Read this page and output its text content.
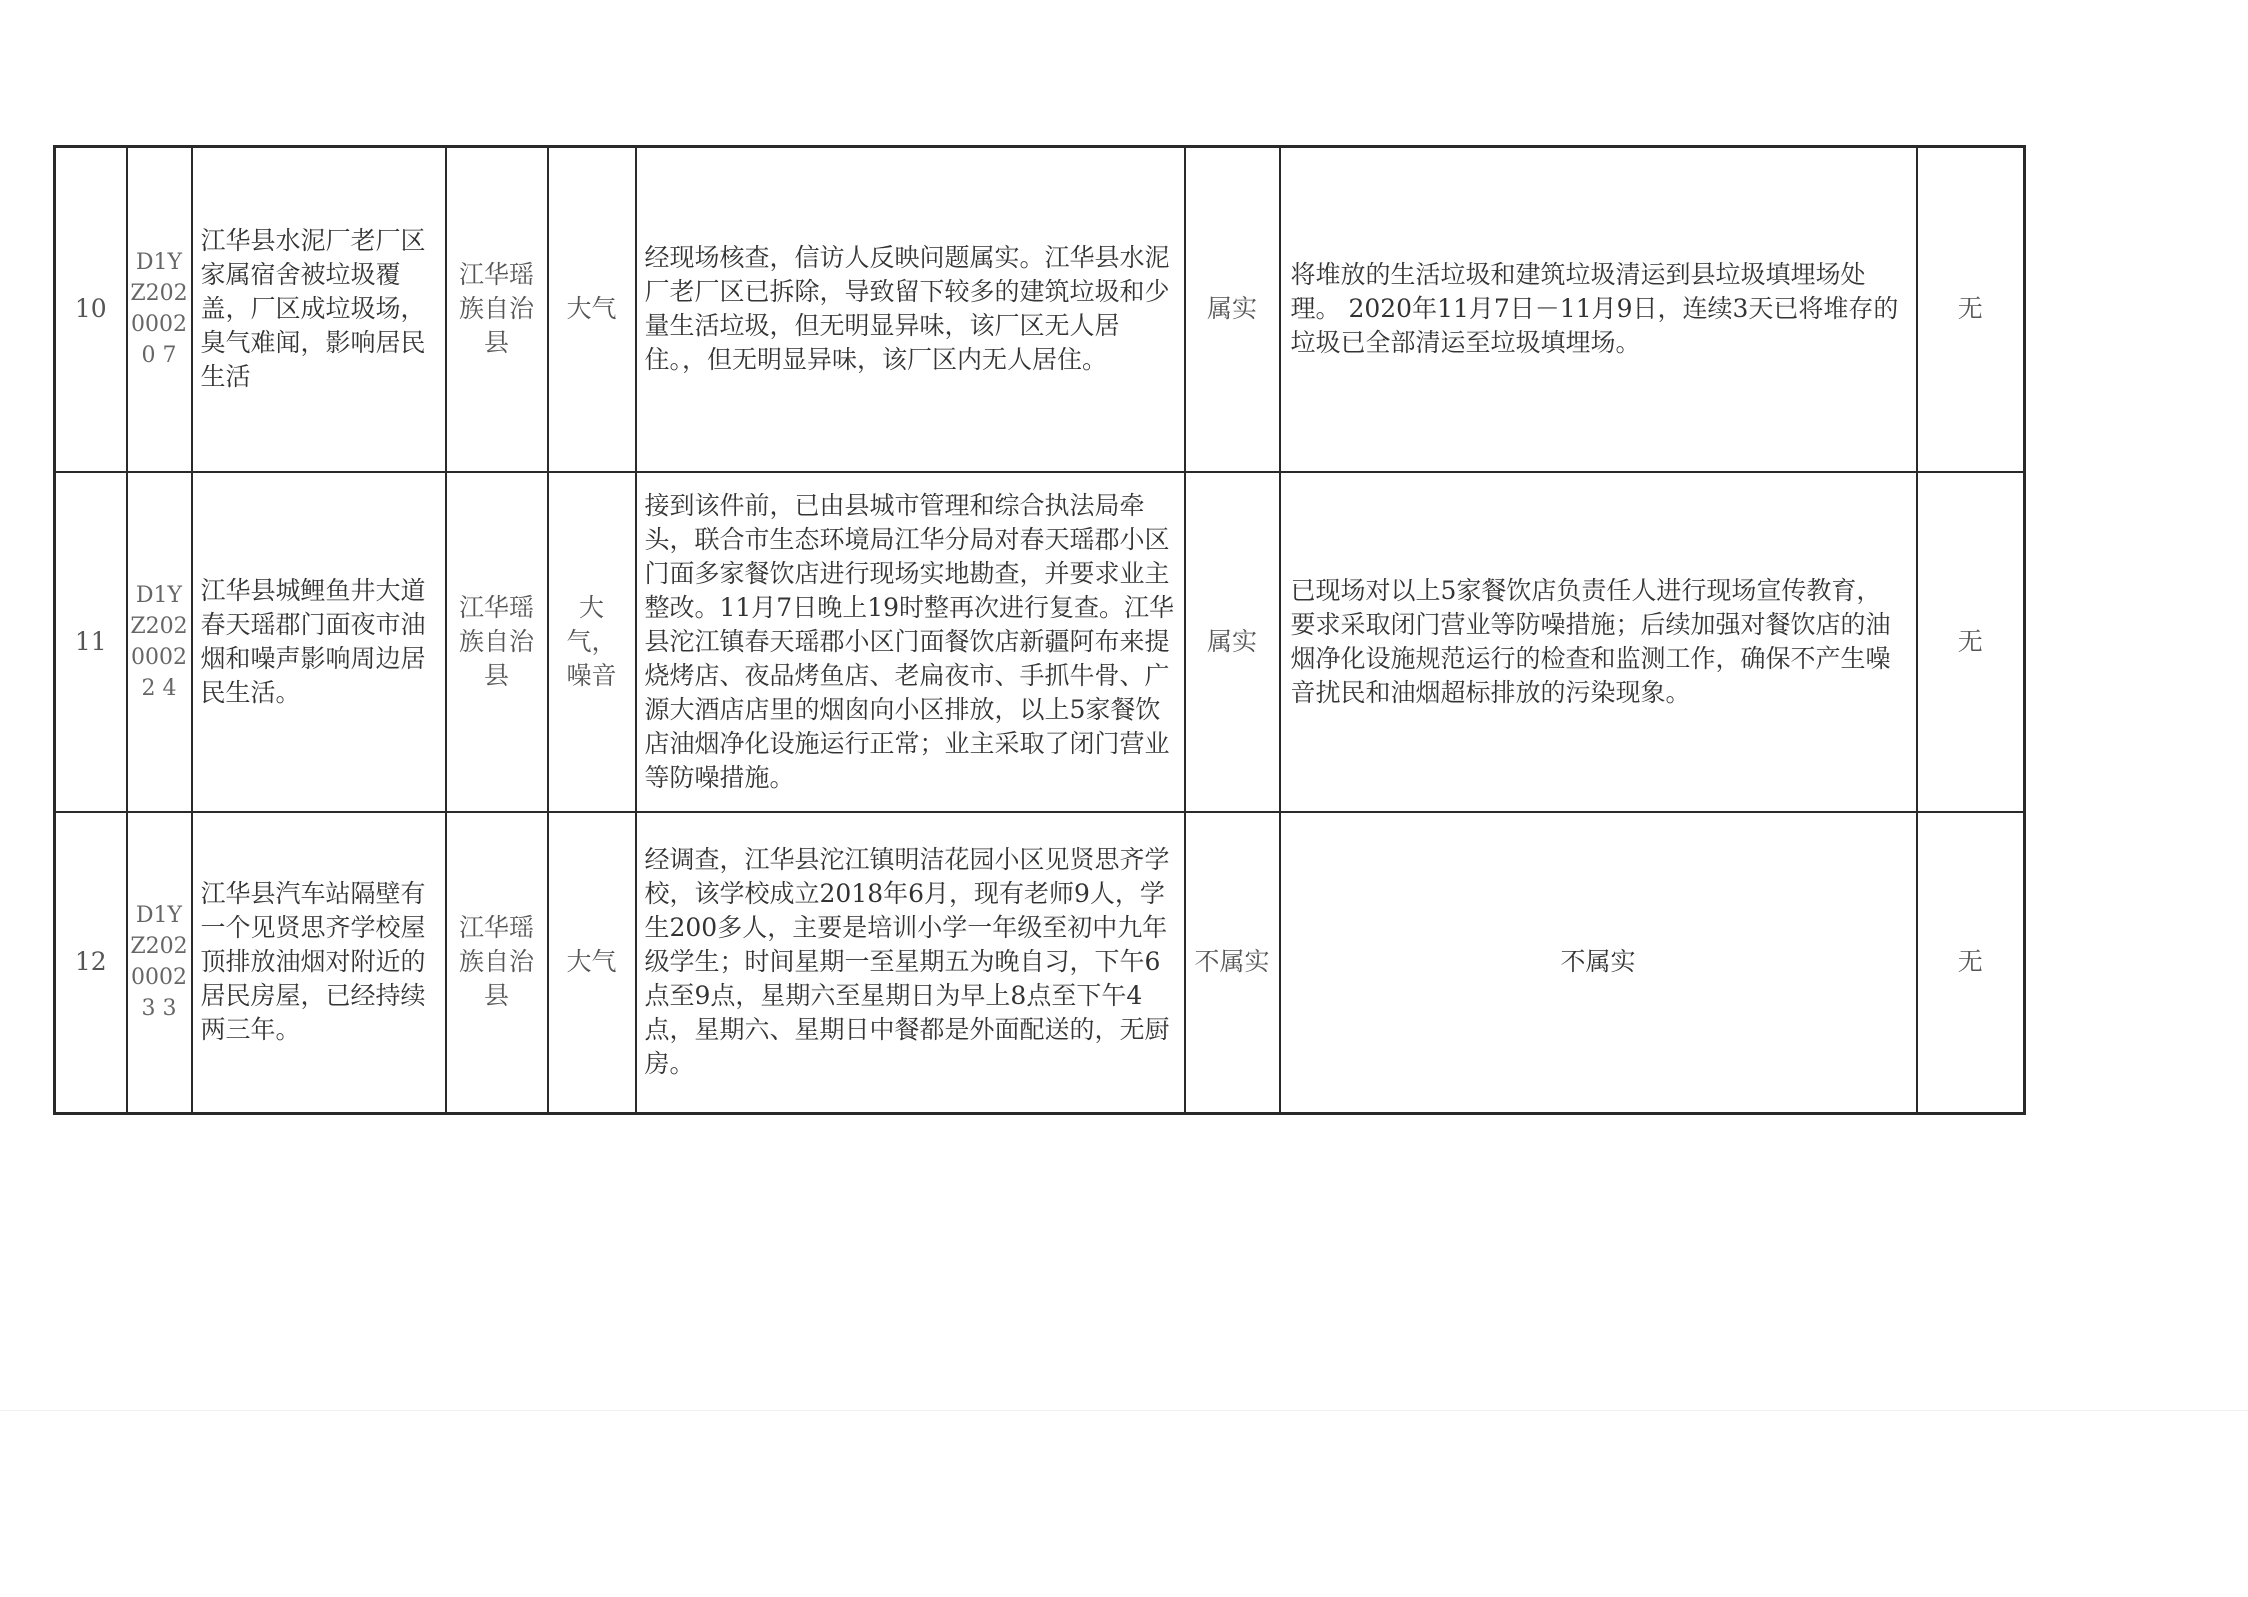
10	D1YZ20200020 7	江华县水泥厂老厂区家属宿舍被垃圾覆盖，厂区成垃圾场，臭气难闻，影响居民生活	江华瑶族自治县	大气	经现场核查，信访人反映问题属实。江华县水泥厂老厂区已拆除，导致留下较多的建筑垃圾和少量生活垃圾，但无明显异味，该厂区无人居住。，但无明显异味，该厂区内无人居住。	属实	将堆放的生活垃圾和建筑垃圾清运到县垃圾填埋场处理。 2020年11月7日－11月9日，连续3天已将堆存的垃圾已全部清运至垃圾填埋场。	无
11	D1YZ20200022 4	江华县城鲤鱼井大道春天瑶郡门面夜市油烟和噪声影响周边居民生活。	江华瑶族自治县	大气，噪音	接到该件前，已由县城市管理和综合执法局牵头，联合市生态环境局江华分局对春天瑶郡小区门面多家餐饮店进行现场实地勘查，并要求业主整改。11月7日晚上19时整再次进行复查。江华县沱江镇春天瑶郡小区门面餐饮店新疆阿布来提烧烤店、夜品烤鱼店、老扁夜市、手抓牛骨、广源大酒店店里的烟囱向小区排放，以上5家餐饮店油烟净化设施运行正常；业主采取了闭门营业等防噪措施。	属实	已现场对以上5家餐饮店负责任人进行现场宣传教育，要求采取闭门营业等防噪措施；后续加强对餐饮店的油烟净化设施规范运行的检查和监测工作，确保不产生噪音扰民和油烟超标排放的污染现象。	无
12	D1YZ20200023 3	江华县汽车站隔壁有一个见贤思齐学校屋顶排放油烟对附近的居民房屋，已经持续两三年。	江华瑶族自治县	大气	经调查，江华县沱江镇明洁花园小区见贤思齐学校，该学校成立2018年6月，现有老师9人，学生200多人，主要是培训小学一年级至初中九年级学生；时间星期一至星期五为晚自习，下午6点至9点，星期六至星期日为早上8点至下午4点，星期六、星期日中餐都是外面配送的，无厨房。	不属实	不属实	无
